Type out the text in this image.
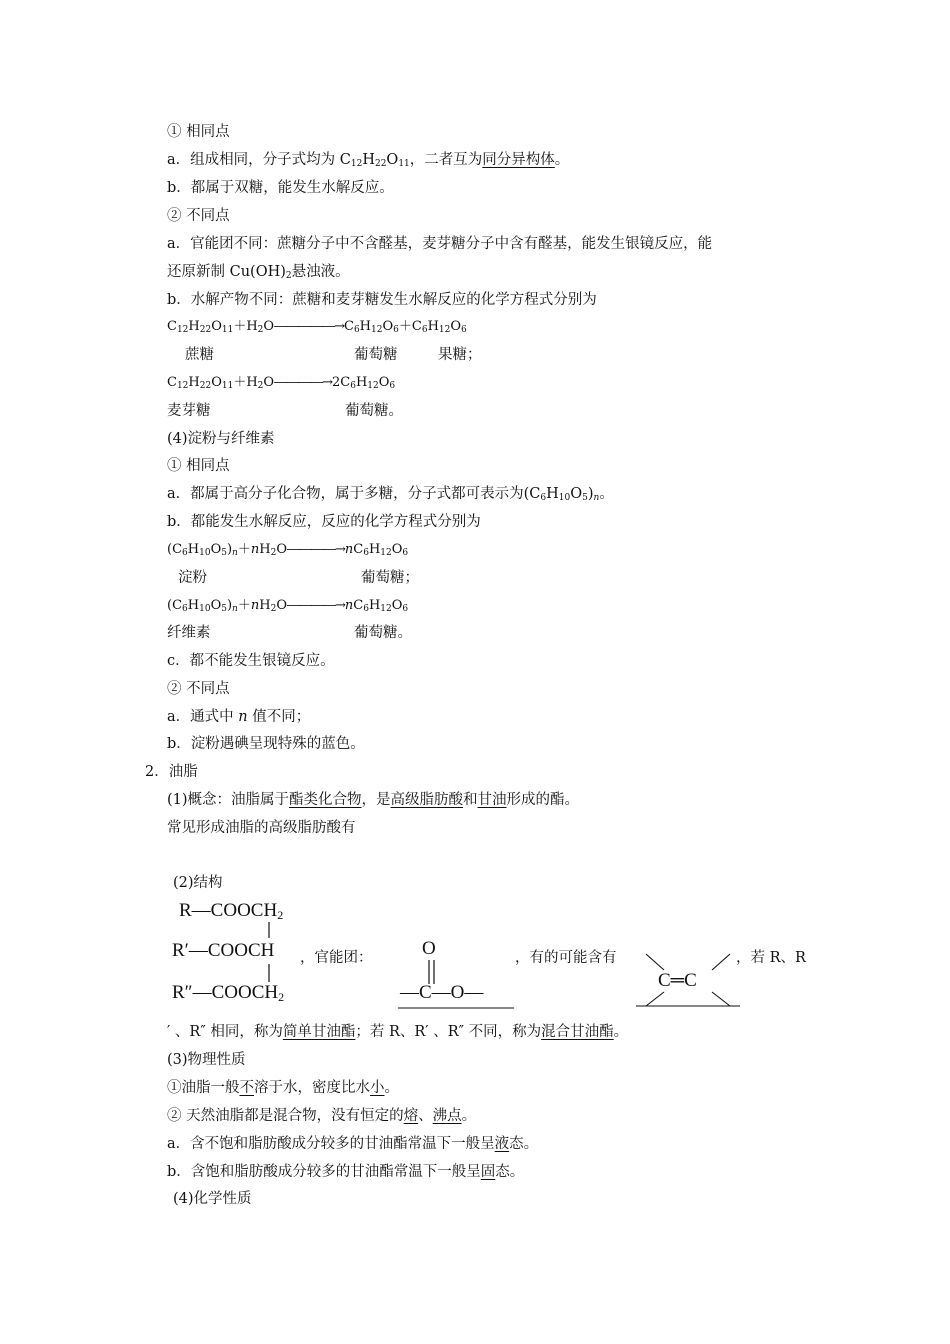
① 相同点
a．组成相同，分子式均为 $C_{12}H_{22}O_{11}$，二者互为同分异构体。
b．都属于双糖，能发生水解反应。
② 不同点
a．官能团不同：蔗糖分子中不含醛基，麦芽糖分子中含有醛基，能发生银镜反应，能
还原新制 $Cu(OH)_2$悬浊液。
b．水解产物不同：蔗糖和麦芽糖发生水解反应的化学方程式分别为
$C_{12}H_{22}O_{11}+H_2O―――――\to C_6H_{12}O_6+C_6H_{12}O_6$
蔗糖	葡萄糖	果糖；
$C_{12}H_{22}O_{11}+H_2O――――\to 2C_6H_{12}O_6$
麦芽糖	葡萄糖。
(4)淀粉与纤维素
① 相同点
a．都属于高分子化合物，属于多糖，分子式都可表示为$(C_6H_{10}O_5)_n$。
b．都能发生水解反应，反应的化学方程式分别为
$(C_6H_{10}O_5)_n+nH_2O――――\to nC_6H_{12}O_6$
淀粉	葡萄糖；
$(C_6H_{10}O_5)_n+nH_2O――――\to nC_6H_{12}O_6$
纤维素	葡萄糖。
c．都不能发生银镜反应。
② 不同点
a．通式中 n 值不同；
b．淀粉遇碘呈现特殊的蓝色。
2．油脂
(1)概念：油脂属于酯类化合物，是高级脂肪酸和甘油形成的酯。
常见形成油脂的高级脂肪酸有
(2)结构
$R—COOCH_2$
R′—COOCH
$R''—COOCH_2$
，官能团：	O
—C—O—
，有的可能含有
C═C
，若 R、R
′ 、R″ 相同，称为简单甘油酯；若 R、R′ 、R″ 不同，称为混合甘油酯。
(3)物理性质
①油脂一般不溶于水，密度比水小。
② 天然油脂都是混合物，没有恒定的熔、沸点。
a．含不饱和脂肪酸成分较多的甘油酯常温下一般呈液态。
b．含饱和脂肪酸成分较多的甘油酯常温下一般呈固态。
(4)化学性质
